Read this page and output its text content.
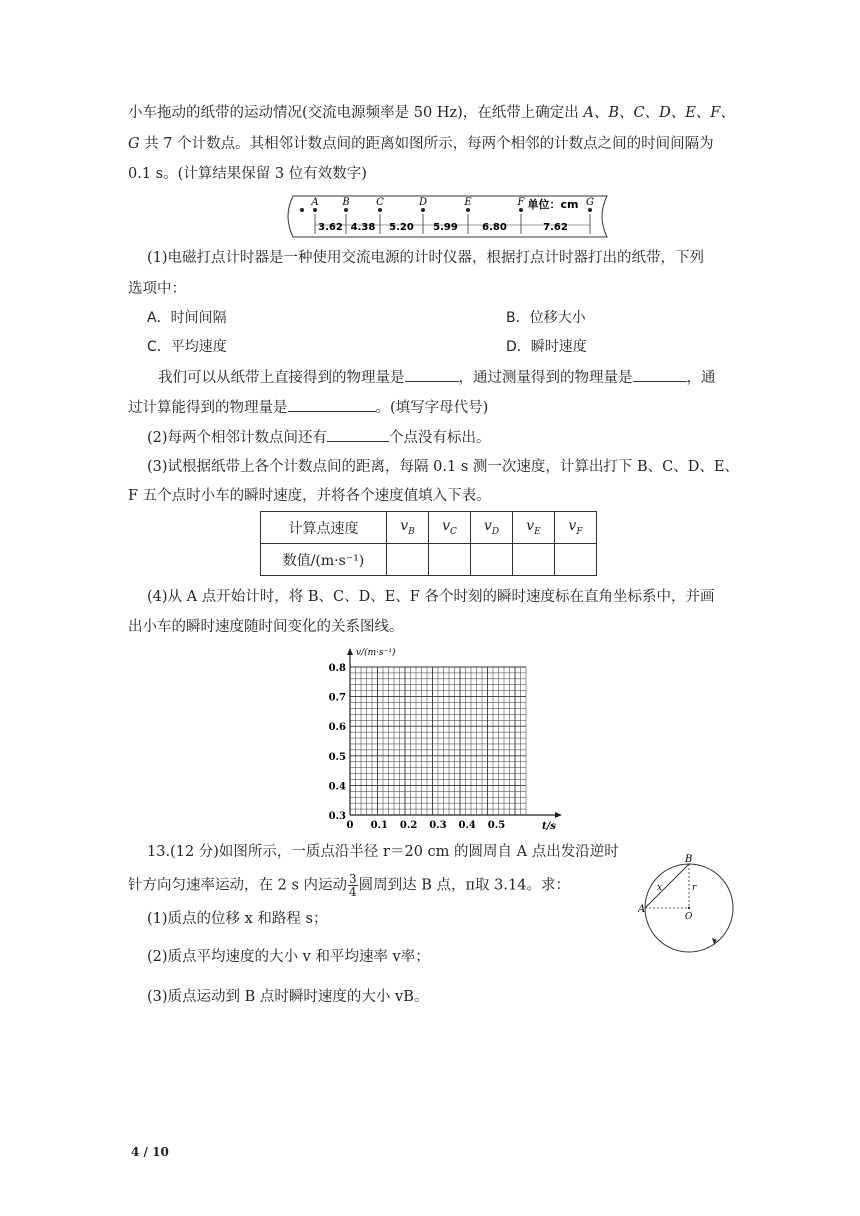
小车拖动的纸带的运动情况(交流电源频率是 50 Hz)，在纸带上确定出 A、B、C、D、E、F、
G 共 7 个计数点。其相邻计数点间的距离如图所示，每两个相邻的计数点之间的时间间隔为
0.1 s。(计算结果保留 3 位有效数字)
A B	C	D	E	F	G
3.62 4.38 5.20 5.99 6.80	7.62
单位：cm
(1)电磁打点计时器是一种使用交流电源的计时仪器，根据打点计时器打出的纸带，下列
选项中：
A．时间间隔	B．位移大小
C．平均速度	D．瞬时速度
我们可以从纸带上直接得到的物理量是	，通过测量得到的物理量是	，通
过计算能得到的物理量是	。(填写字母代号)
(2)每两个相邻计数点间还有	个点没有标出。
(3)试根据纸带上各个计数点间的距离，每隔 0.1 s 测一次速度，计算出打下 B、C、D、E、
F 五个点时小车的瞬时速度，并将各个速度值填入下表。
计算点速度	$v_B$	$v_C$	$v_D$	$v_E$	$v_F$
数值/(m·s⁻¹)					
(4)从 A 点开始计时，将 B、C、D、E、F 各个时刻的瞬时速度标在直角坐标系中，并画
出小车的瞬时速度随时间变化的关系图线。
v/(m·s⁻¹)
t/s
0.8
0.7
0.6
0.5
0.4
0.3
0 0.1 0.2 0.3 0.4 0.5
13.(12 分)如图所示，一质点沿半径 r＝20 cm 的圆周自 A 点出发沿逆时
针方向匀速率运动，在 2 s 内运动 $\frac{3}{4}$ 圆周到达 B 点，π取 3.14。求：
(1)质点的位移 x 和路程 s；
(2)质点平均速度的大小 v 和平均速率 v率；
(3)质点运动到 B 点时瞬时速度的大小 vB。
A
B
O
x	r
4 / 10
